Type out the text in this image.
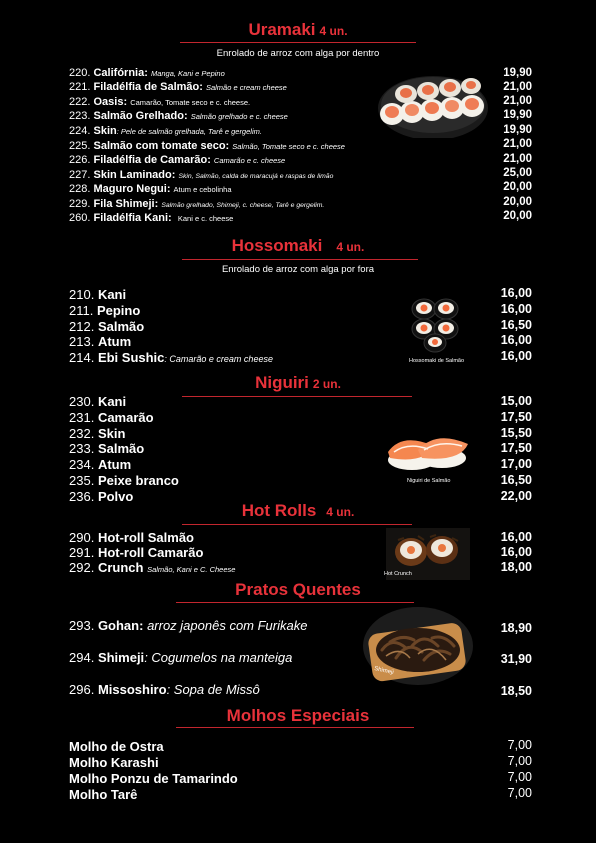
Uramaki 4 un.
Enrolado de arroz com alga por dentro
220. Califórnia: Manga, Kani e Pepino
221. Filadélfia de Salmão: Salmão e cream cheese
222. Oasis: Camarão, Tomate seco e c. cheese.
223. Salmão Grelhado: Salmão grelhado e c. cheese
224. Skin: Pele de salmão grelhada, Tarê e gergelim.
225. Salmão com tomate seco: Salmão, Tomate seco e c. cheese
226. Filadélfia de Camarão: Camarão e c. cheese
227. Skin Laminado: Skin, Salmão, calda de maracujá e raspas de limão
228. Maguro Negui: Atum e cebolinha
229. Fila Shimeji: Salmão grelhado, Shimeji, c. cheese, Tarê e gergelim.
260. Filadélfia Kani: Kani e c. cheese
19,90
21,00
21,00
19,90
19,90
21,00
21,00
25,00
20,00
20,00
20,00
Hossomaki 4 un.
Enrolado de arroz com alga por fora
210. Kani
211. Pepino
212. Salmão
213. Atum
214. Ebi Sushic: Camarão e cream cheese
16,00
16,00
16,50
16,00
16,00
Hossomaki de Salmão
Niguiri 2 un.
230. Kani
231. Camarão
232. Skin
233. Salmão
234. Atum
235. Peixe branco
236. Polvo
15,00
17,50
15,50
17,50
17,00
16,50
22,00
Niguiri de Salmão
Hot Rolls 4 un.
290. Hot-roll Salmão
291. Hot-roll Camarão
292. Crunch Salmão, Kani e C. Cheese
16,00
16,00
18,00
Hot Crunch
Pratos Quentes
293. Gohan: arroz japonês com Furikake
294. Shimeji: Cogumelos na manteiga
296. Missoshiro: Sopa de Missô
18,90
31,90
18,50
Shimeji
Molhos Especiais
Molho de Ostra
Molho Karashi
Molho Ponzu de Tamarindo
Molho Tarê
7,00
7,00
7,00
7,00
